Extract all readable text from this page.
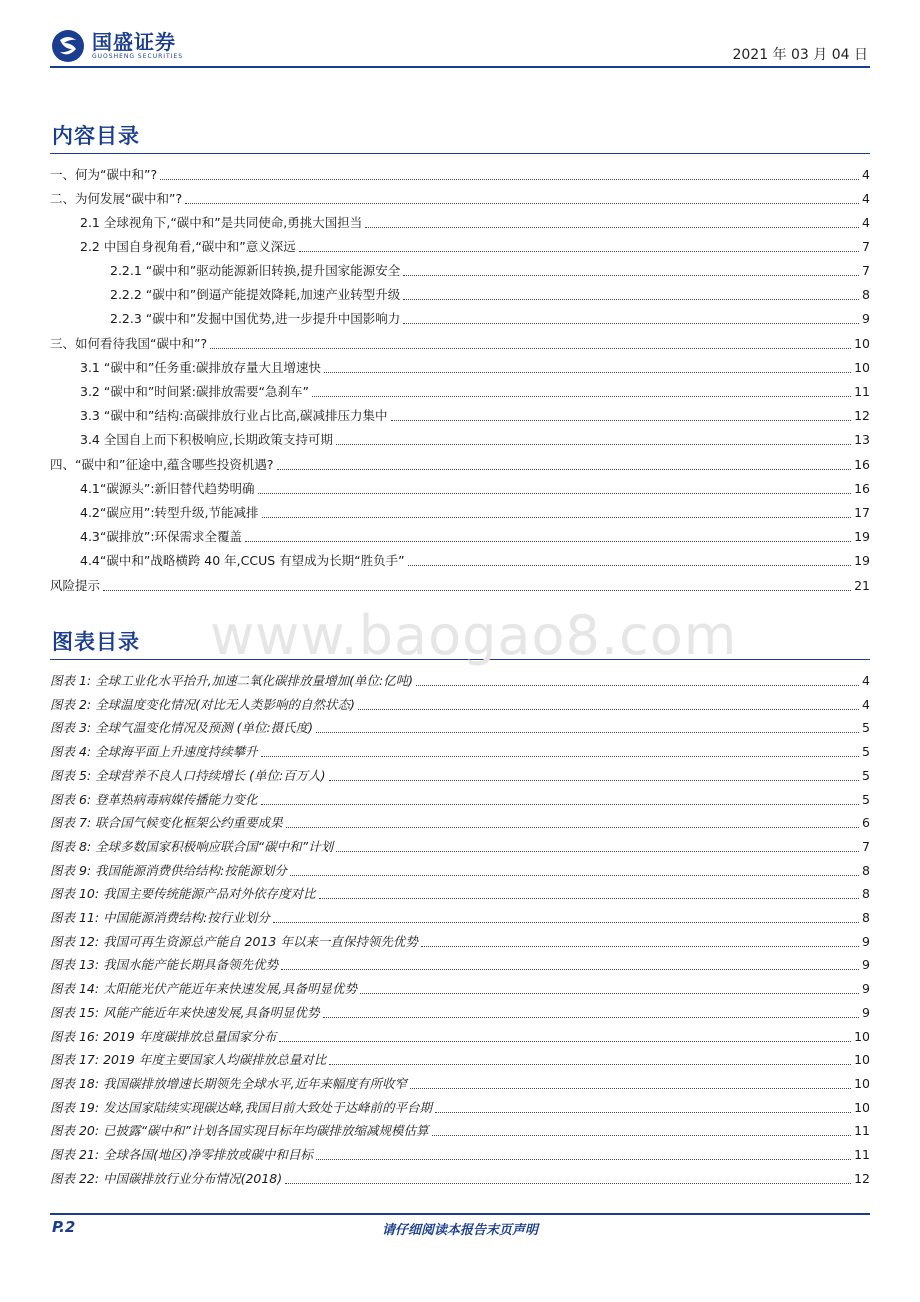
国盛证券
GUOSHENG SECURITIES	2021 年 03 月 04 日
内容目录
一、何为“碳中和”?	4
二、为何发展“碳中和”?	4
2.1 全球视角下,“碳中和”是共同使命,勇挑大国担当	4
2.2 中国自身视角看,“碳中和”意义深远	7
2.2.1 “碳中和”驱动能源新旧转换,提升国家能源安全	7
2.2.2 “碳中和”倒逼产能提效降耗,加速产业转型升级	8
2.2.3 “碳中和”发掘中国优势,进一步提升中国影响力	9
三、如何看待我国“碳中和”?	10
3.1 “碳中和”任务重:碳排放存量大且增速快	10
3.2 “碳中和”时间紧:碳排放需要“急刹车”	11
3.3 “碳中和”结构:高碳排放行业占比高,碳减排压力集中	12
3.4 全国自上而下积极响应,长期政策支持可期	13
四、“碳中和”征途中,蕴含哪些投资机遇?	16
4.1“碳源头”:新旧替代趋势明确	16
4.2“碳应用”:转型升级,节能减排	17
4.3“碳排放”:环保需求全覆盖	19
4.4“碳中和”战略横跨 40 年,CCUS 有望成为长期“胜负手”	19
风险提示	21
图表目录
图表 1: 全球工业化水平抬升,加速二氧化碳排放量增加(单位:亿吨)	4
图表 2: 全球温度变化情况(对比无人类影响的自然状态)	4
图表 3: 全球气温变化情况及预测 (单位:摄氏度)	5
图表 4: 全球海平面上升速度持续攀升	5
图表 5: 全球营养不良人口持续增长 (单位:百万人)	5
图表 6: 登革热病毒病媒传播能力变化	5
图表 7: 联合国气候变化框架公约重要成果	6
图表 8: 全球多数国家积极响应联合国“碳中和”计划	7
图表 9: 我国能源消费供给结构:按能源划分	8
图表 10: 我国主要传统能源产品对外依存度对比	8
图表 11: 中国能源消费结构:按行业划分	8
图表 12: 我国可再生资源总产能自 2013 年以来一直保持领先优势	9
图表 13: 我国水能产能长期具备领先优势	9
图表 14: 太阳能光伏产能近年来快速发展,具备明显优势	9
图表 15: 风能产能近年来快速发展,具备明显优势	9
图表 16: 2019 年度碳排放总量国家分布	10
图表 17: 2019 年度主要国家人均碳排放总量对比	10
图表 18: 我国碳排放增速长期领先全球水平,近年来幅度有所收窄	10
图表 19: 发达国家陆续实现碳达峰,我国目前大致处于达峰前的平台期	10
图表 20: 已披露“碳中和”计划各国实现目标年均碳排放缩减规模估算	11
图表 21: 全球各国(地区)净零排放或碳中和目标	11
图表 22: 中国碳排放行业分布情况(2018)	12
www.baogao8.com
P.2	请仔细阅读本报告末页声明
